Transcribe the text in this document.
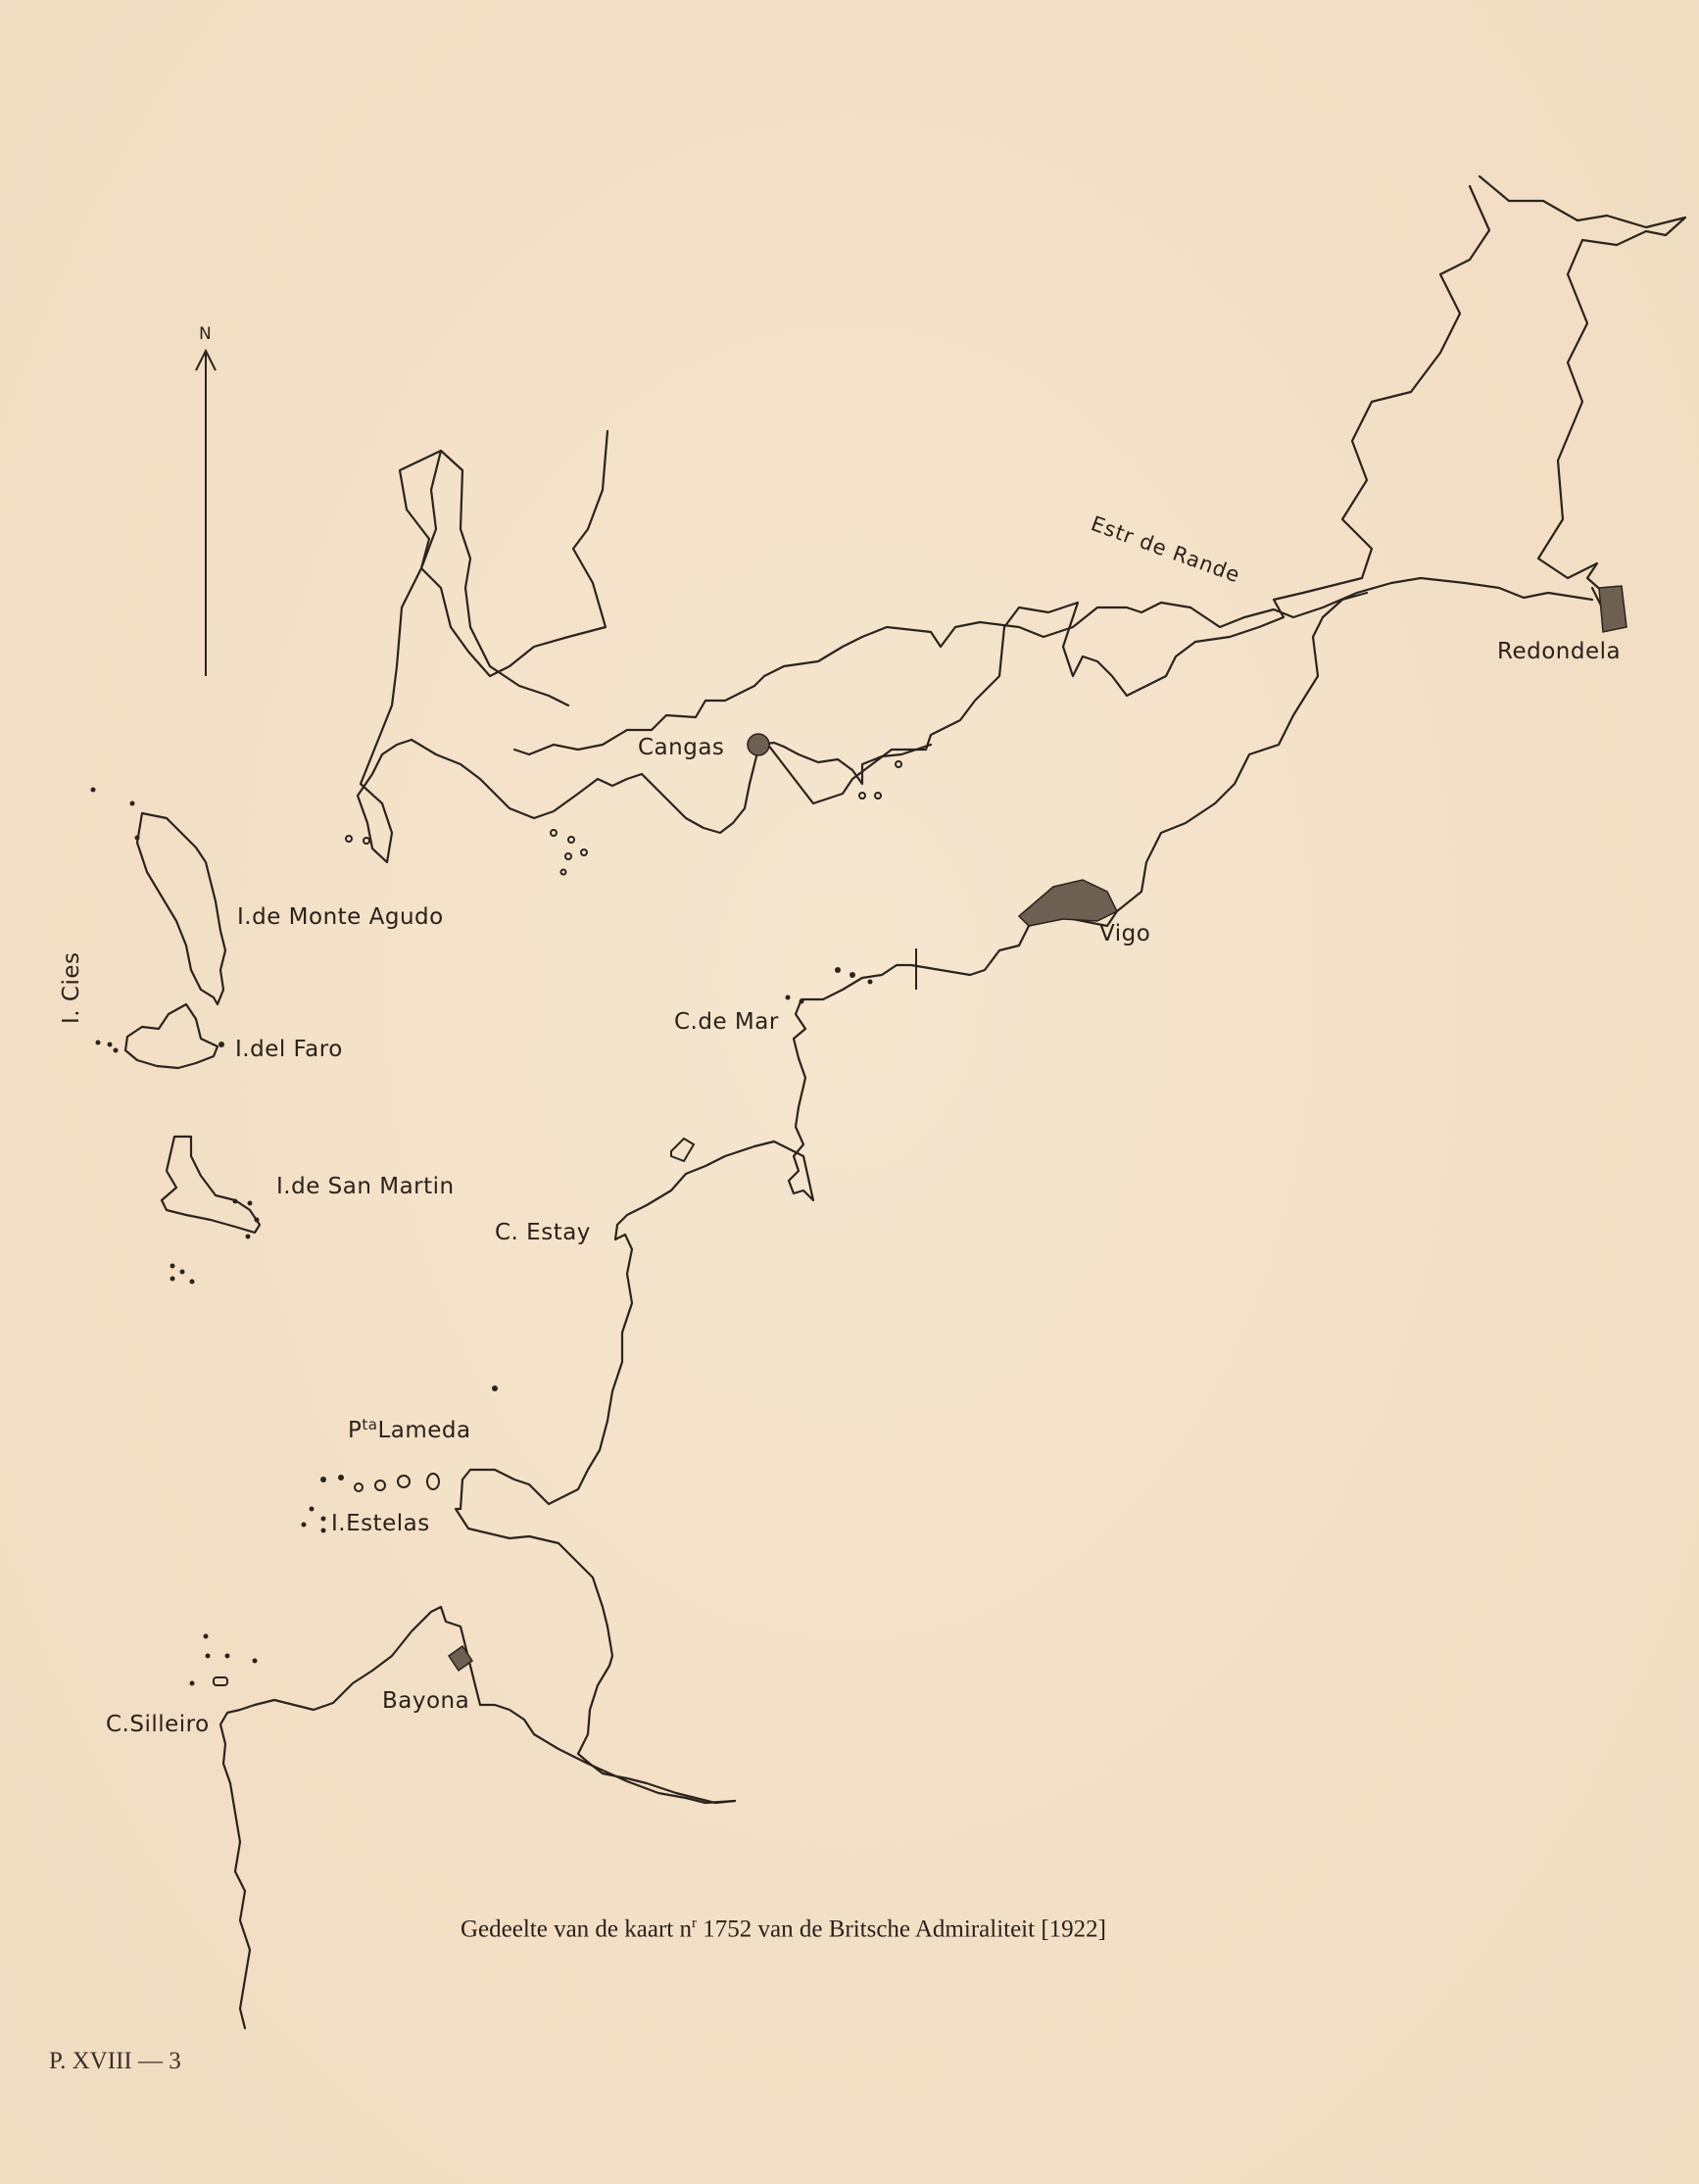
N
Estr de Rande
Redondela
Cangas
Vigo
I.de Monte Agudo
I. Cies
I.del Faro
C.de Mar
I.de San Martin
C. Estay
$P^{ta}Lameda$
I.Estelas
Bayona
C.Silleiro
Gedeelte van de kaart $n^r$ 1752 van de Britsche Admiraliteit [1922]
P. XVIII — 3
